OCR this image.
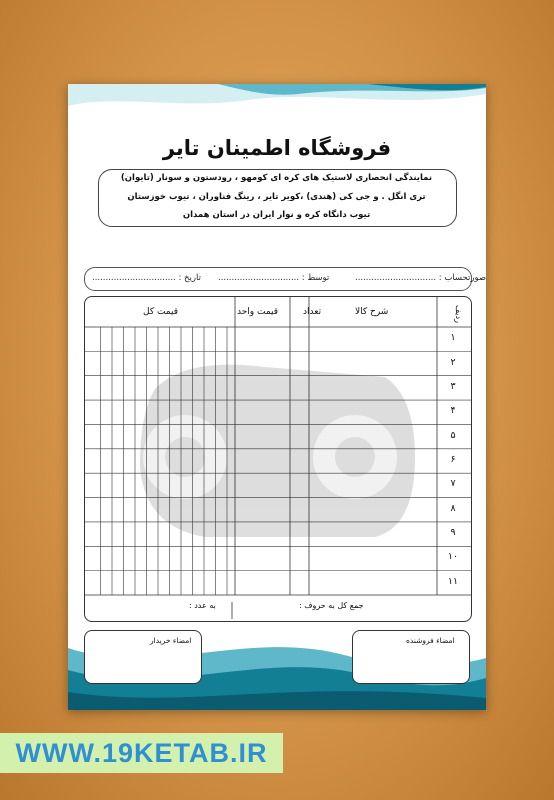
فروشگاه اطمینان تایر
نمایندگی انحصاری لاستیک های کره ای کومهو ، رودستون و سونار (تایوان)
تری انگل . و جی کی (هندی) ،کویر تایر ، رینگ فناوران ، تیوب خوزستان
تیوب دانگاه کره و نوار ایران در استان همدان
صورتحساب : ..............................
توسط : ..............................
تاریخ : ...............................
ردیف
شرح کالا
تعداد
قیمت واحد
قیمت کل
۱
۲
۳
۴
۵
۶
۷
۸
۹
۱۰
۱۱
جمع کل به حروف :
به عدد :
امضاء فروشنده
امضاء خریدار
WWW. 19KETAB .IR
